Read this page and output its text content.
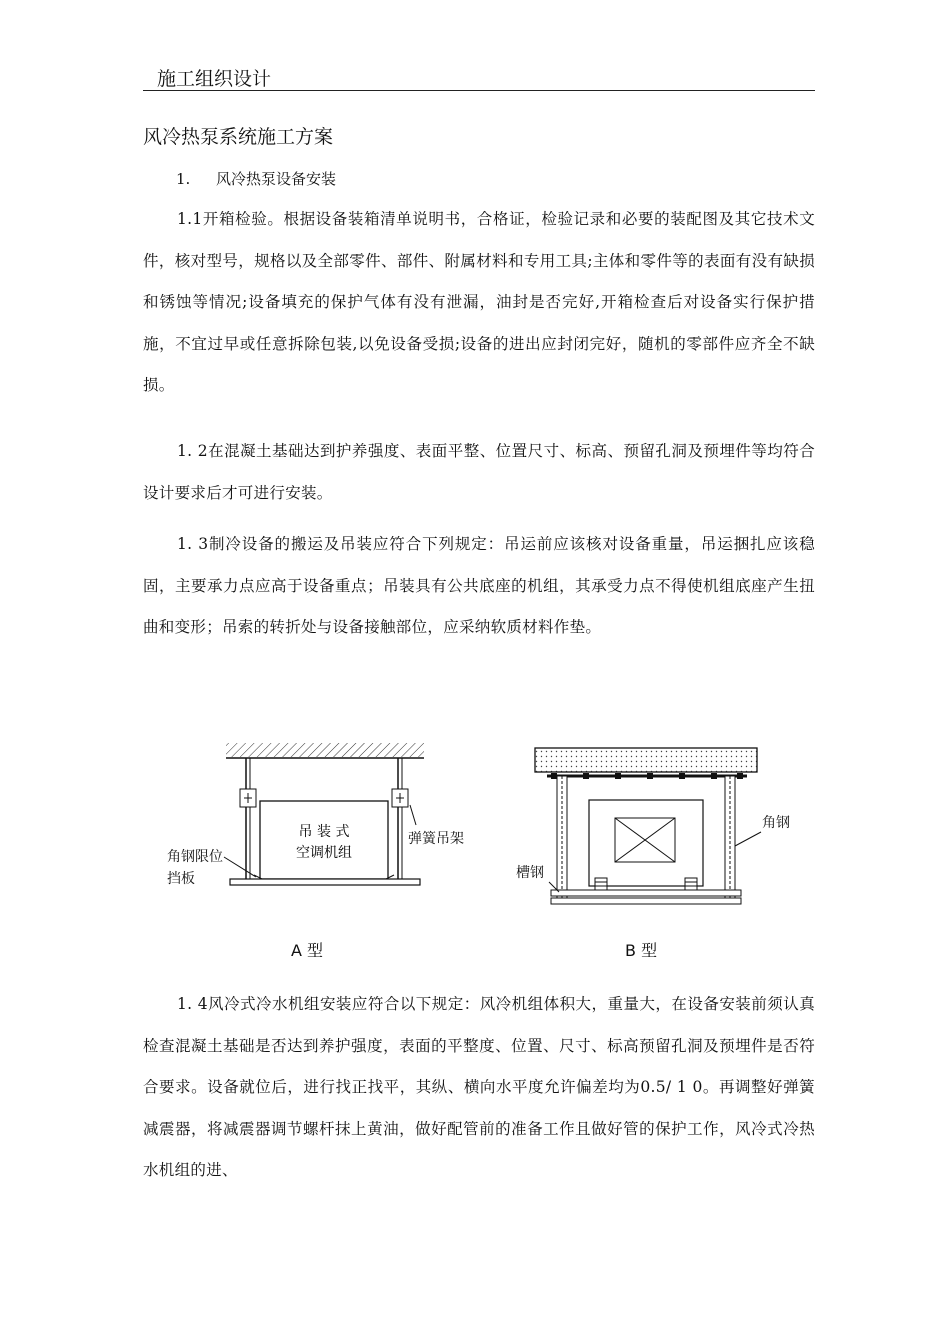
施工组织设计
风冷热泵系统施工方案
1. 风冷热泵设备安装
1.1开箱检验。根据设备装箱清单说明书，合格证，检验记录和必要的装配图及其它技术文件，核对型号，规格以及全部零件、部件、附属材料和专用工具;主体和零件等的表面有没有缺损和锈蚀等情况;设备填充的保护气体有没有泄漏，油封是否完好,开箱检查后对设备实行保护措施，不宜过早或任意拆除包装,以免设备受损;设备的进出应封闭完好，随机的零部件应齐全不缺损。
1. 2在混凝土基础达到护养强度、表面平整、位置尺寸、标高、预留孔洞及预埋件等均符合设计要求后才可进行安装。
1. 3制冷设备的搬运及吊装应符合下列规定：吊运前应该核对设备重量，吊运捆扎应该稳固，主要承力点应高于设备重点；吊装具有公共底座的机组，其承受力点不得使机组底座产生扭曲和变形；吊索的转折处与设备接触部位，应采纳软质材料作垫。
吊 装 式
空调机组
弹簧吊架
角钢限位
挡板
A 型
角钢
槽钢
B 型
1. 4风冷式冷水机组安装应符合以下规定：风冷机组体积大，重量大，在设备安装前须认真检查混凝土基础是否达到养护强度，表面的平整度、位置、尺寸、标高预留孔洞及预埋件是否符合要求。设备就位后，进行找正找平，其纵、横向水平度允许偏差均为0.5/ 1 0。再调整好弹簧减震器，将减震器调节螺杆抹上黄油，做好配管前的准备工作且做好管的保护工作，风冷式冷热水机组的进、
